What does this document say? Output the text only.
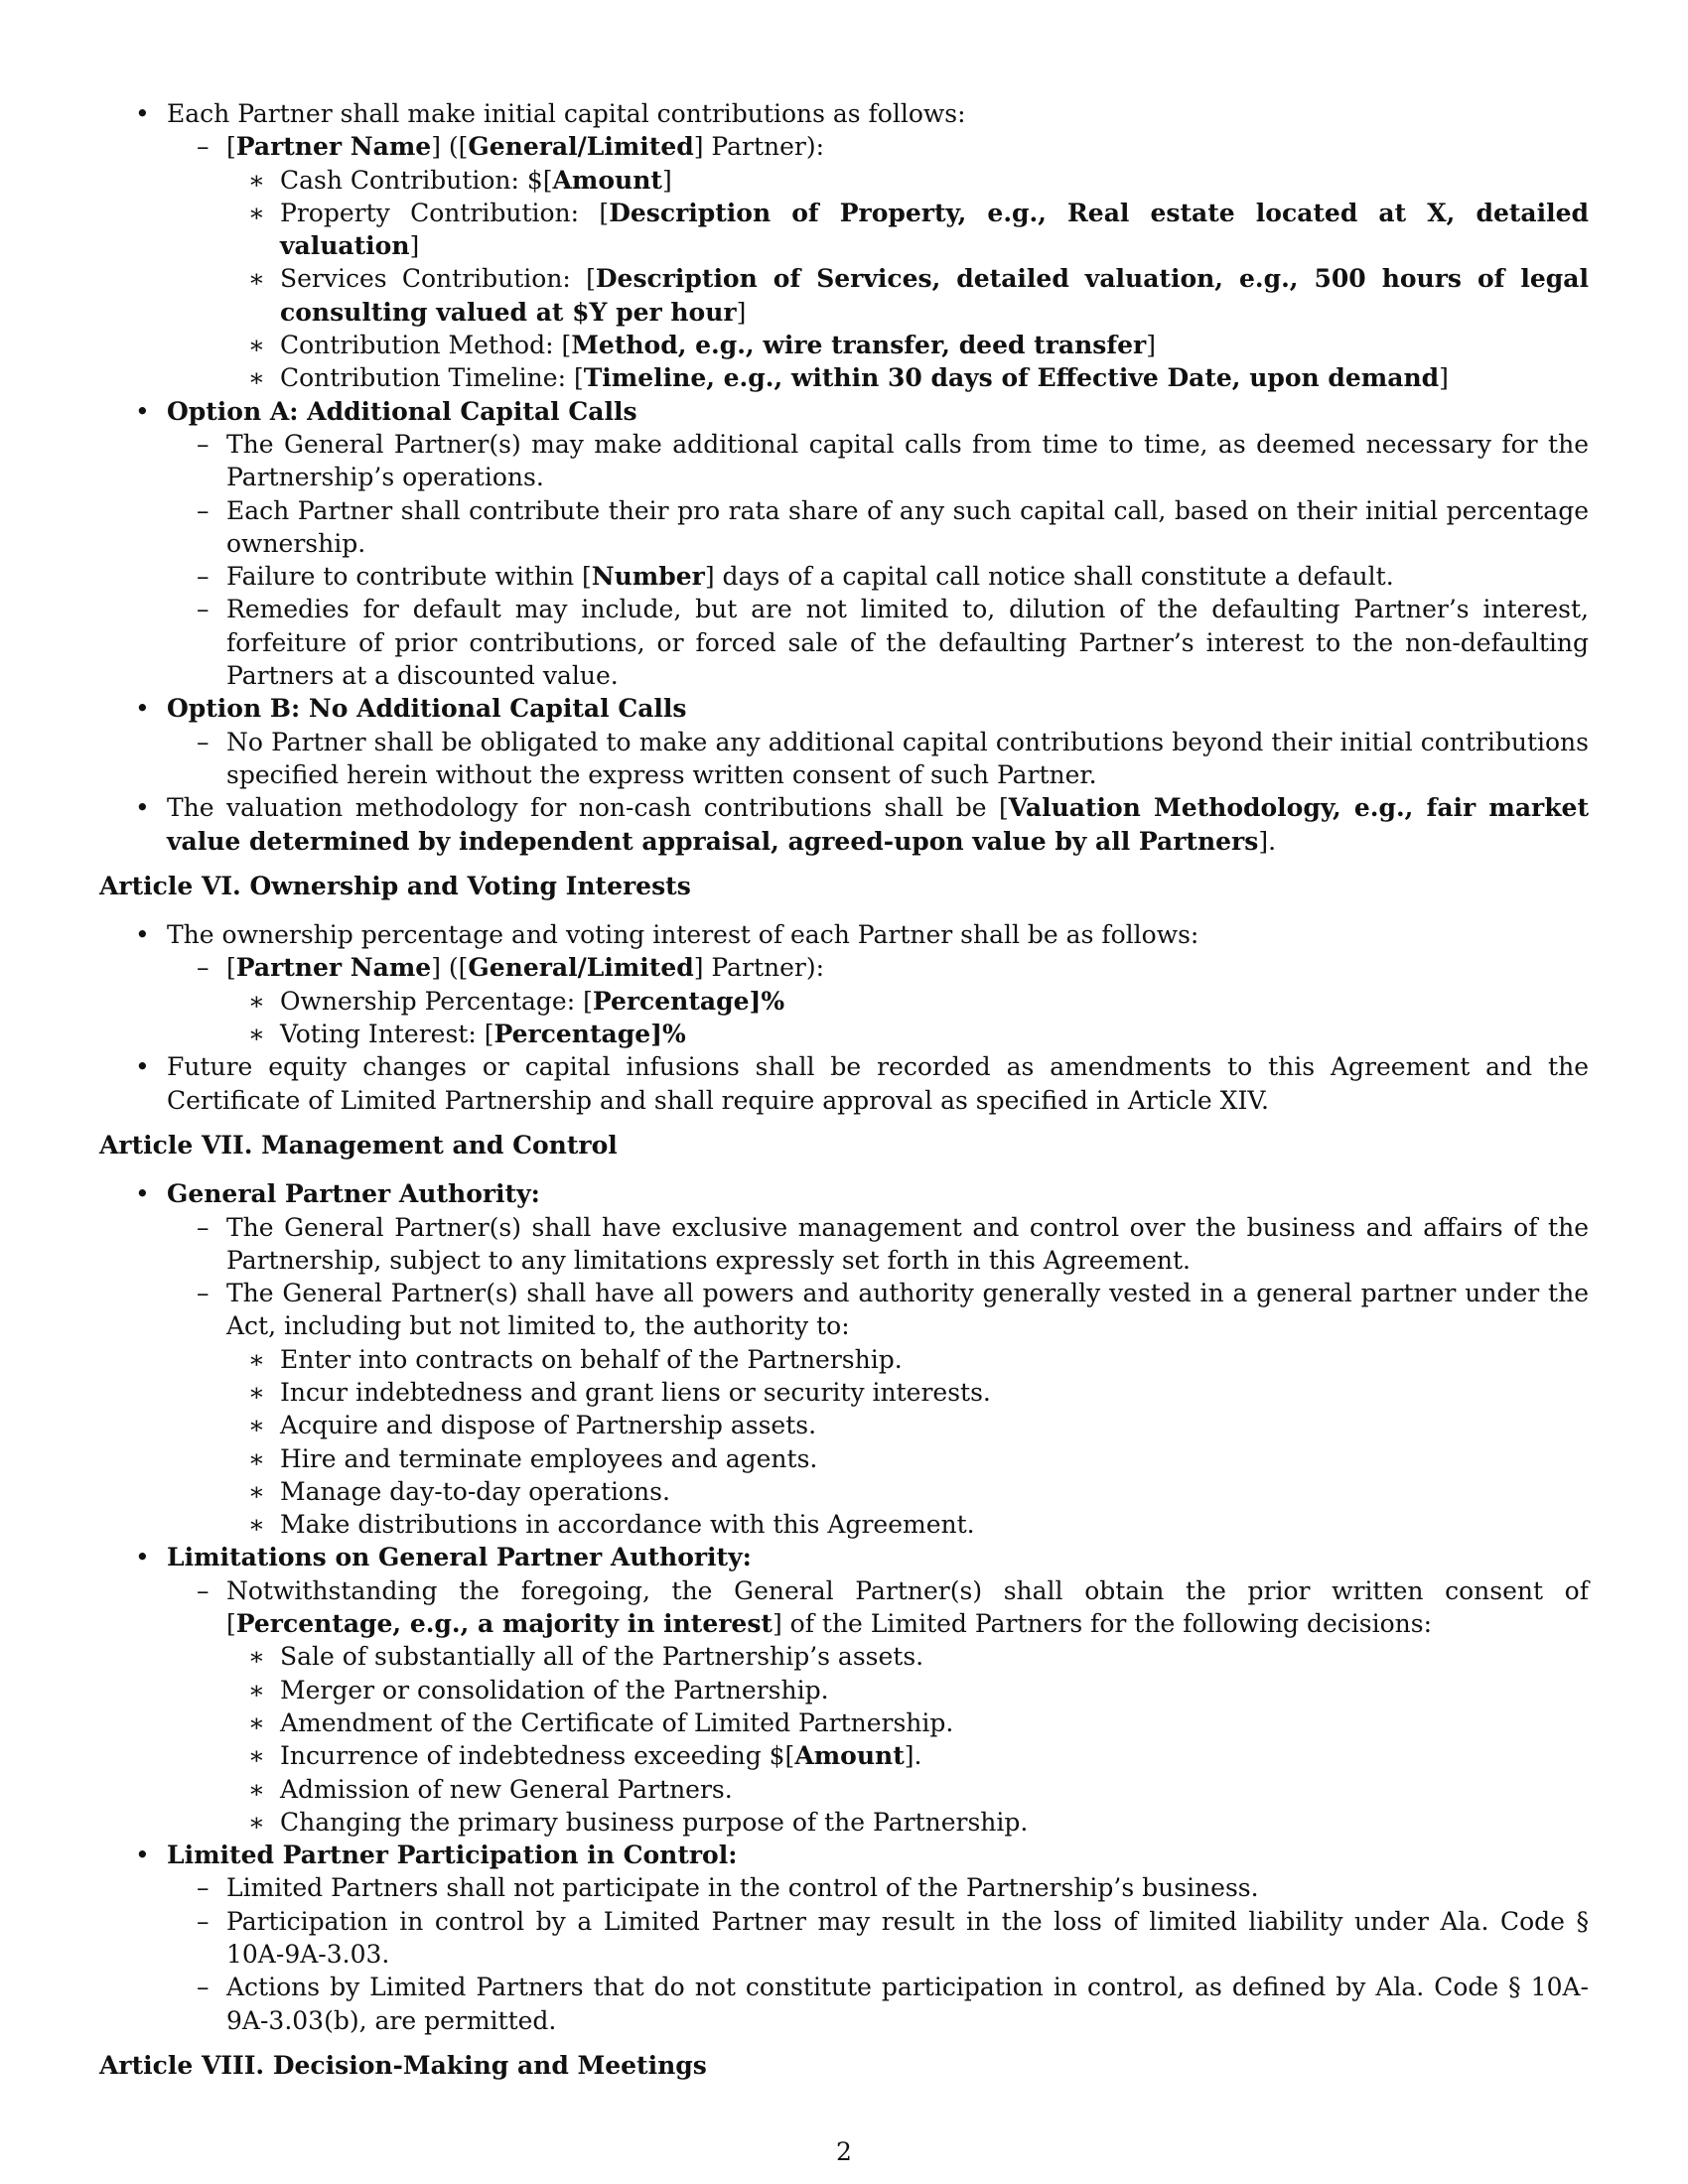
• Each Partner shall make initial capital contributions as follows:
– [Partner Name] ([General/Limited] Partner):
∗ Cash Contribution: $[Amount]
∗ Property Contribution: [Description of Property, e.g., Real estate located at X, detailed valuation]
∗ Services Contribution: [Description of Services, detailed valuation, e.g., 500 hours of legal consulting valued at $Y per hour]
∗ Contribution Method: [Method, e.g., wire transfer, deed transfer]
∗ Contribution Timeline: [Timeline, e.g., within 30 days of Effective Date, upon demand]
• Option A: Additional Capital Calls
– The General Partner(s) may make additional capital calls from time to time, as deemed necessary for the Partnership’s operations.
– Each Partner shall contribute their pro rata share of any such capital call, based on their initial percentage ownership.
– Failure to contribute within [Number] days of a capital call notice shall constitute a default.
– Remedies for default may include, but are not limited to, dilution of the defaulting Partner’s interest, forfeiture of prior contributions, or forced sale of the defaulting Partner’s interest to the non-defaulting Partners at a discounted value.
• Option B: No Additional Capital Calls
– No Partner shall be obligated to make any additional capital contributions beyond their initial contributions specified herein without the express written consent of such Partner.
• The valuation methodology for non-cash contributions shall be [Valuation Methodology, e.g., fair market value determined by independent appraisal, agreed-upon value by all Partners].
Article VI. Ownership and Voting Interests
• The ownership percentage and voting interest of each Partner shall be as follows:
– [Partner Name] ([General/Limited] Partner):
∗ Ownership Percentage: [Percentage]%
∗ Voting Interest: [Percentage]%
• Future equity changes or capital infusions shall be recorded as amendments to this Agreement and the Certificate of Limited Partnership and shall require approval as specified in Article XIV.
Article VII. Management and Control
• General Partner Authority:
– The General Partner(s) shall have exclusive management and control over the business and affairs of the Partnership, subject to any limitations expressly set forth in this Agreement.
– The General Partner(s) shall have all powers and authority generally vested in a general partner under the Act, including but not limited to, the authority to:
∗ Enter into contracts on behalf of the Partnership.
∗ Incur indebtedness and grant liens or security interests.
∗ Acquire and dispose of Partnership assets.
∗ Hire and terminate employees and agents.
∗ Manage day-to-day operations.
∗ Make distributions in accordance with this Agreement.
• Limitations on General Partner Authority:
– Notwithstanding the foregoing, the General Partner(s) shall obtain the prior written consent of [Percentage, e.g., a majority in interest] of the Limited Partners for the following decisions:
∗ Sale of substantially all of the Partnership’s assets.
∗ Merger or consolidation of the Partnership.
∗ Amendment of the Certificate of Limited Partnership.
∗ Incurrence of indebtedness exceeding $[Amount].
∗ Admission of new General Partners.
∗ Changing the primary business purpose of the Partnership.
• Limited Partner Participation in Control:
– Limited Partners shall not participate in the control of the Partnership’s business.
– Participation in control by a Limited Partner may result in the loss of limited liability under Ala. Code § 10A-9A-3.03.
– Actions by Limited Partners that do not constitute participation in control, as defined by Ala. Code § 10A-9A-3.03(b), are permitted.
Article VIII. Decision-Making and Meetings
2
